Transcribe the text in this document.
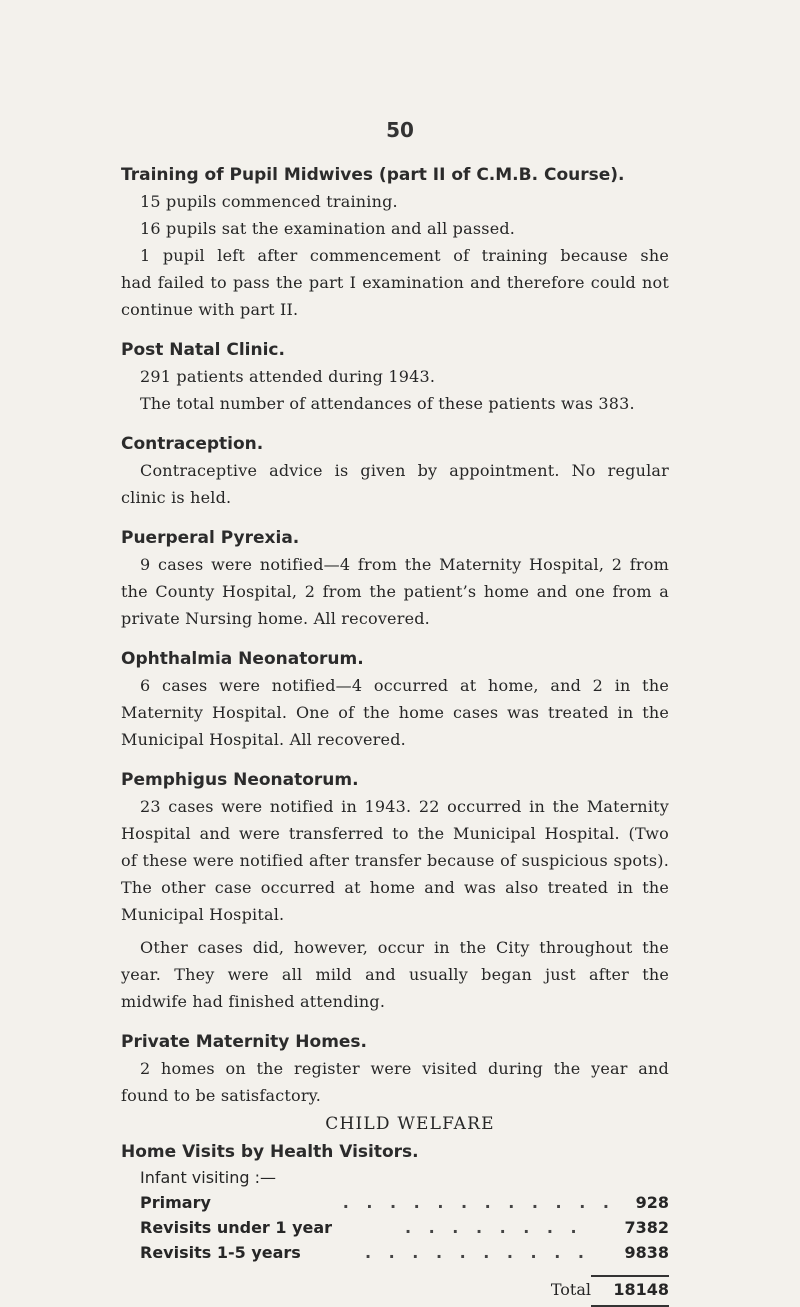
50

Training of Pupil Midwives (part II of C.M.B. Course).

15 pupils commenced training.

16 pupils sat the examination and all passed.

1 pupil left after commencement of training because she

had failed to pass the part I examination and therefore could not

continue with part II.

Post Natal Clinic.

291 patients attended during 1943.

The total number of attendances of these patients was 383.

Contraception.

Contraceptive advice is given by appointment. No regular

clinic is held.

Puerperal Pyrexia.

9 cases were notified—4 from the Maternity Hospital, 2 from

the County Hospital, 2 from the patient’s home and one from a

private Nursing home. All recovered.

Ophthalmia Neonatorum.

6 cases were notified—4 occurred at home, and 2 in the

Maternity Hospital. One of the home cases was treated in the

Municipal Hospital. All recovered.

Pemphigus Neonatorum.

23 cases were notified in 1943. 22 occurred in the Maternity

Hospital and were transferred to the Municipal Hospital. (Two

of these were notified after transfer because of suspicious spots).

The other case occurred at home and was also treated in the

Municipal Hospital.

Other cases did, however, occur in the City throughout the

year. They were all mild and usually began just after the

midwife had finished attending.

Private Maternity Homes.

2 homes on the register were visited during the year and

found to be satisfactory.

CHILD WELFARE

Home Visits by Health Visitors.

Infant visiting :—

Primary	. . . . . . . . . . . .	928
Revisits under 1 year	. . . . . . . .	7382
Revisits 1-5 years	. . . . . . . . . .	9838
Total	18148
